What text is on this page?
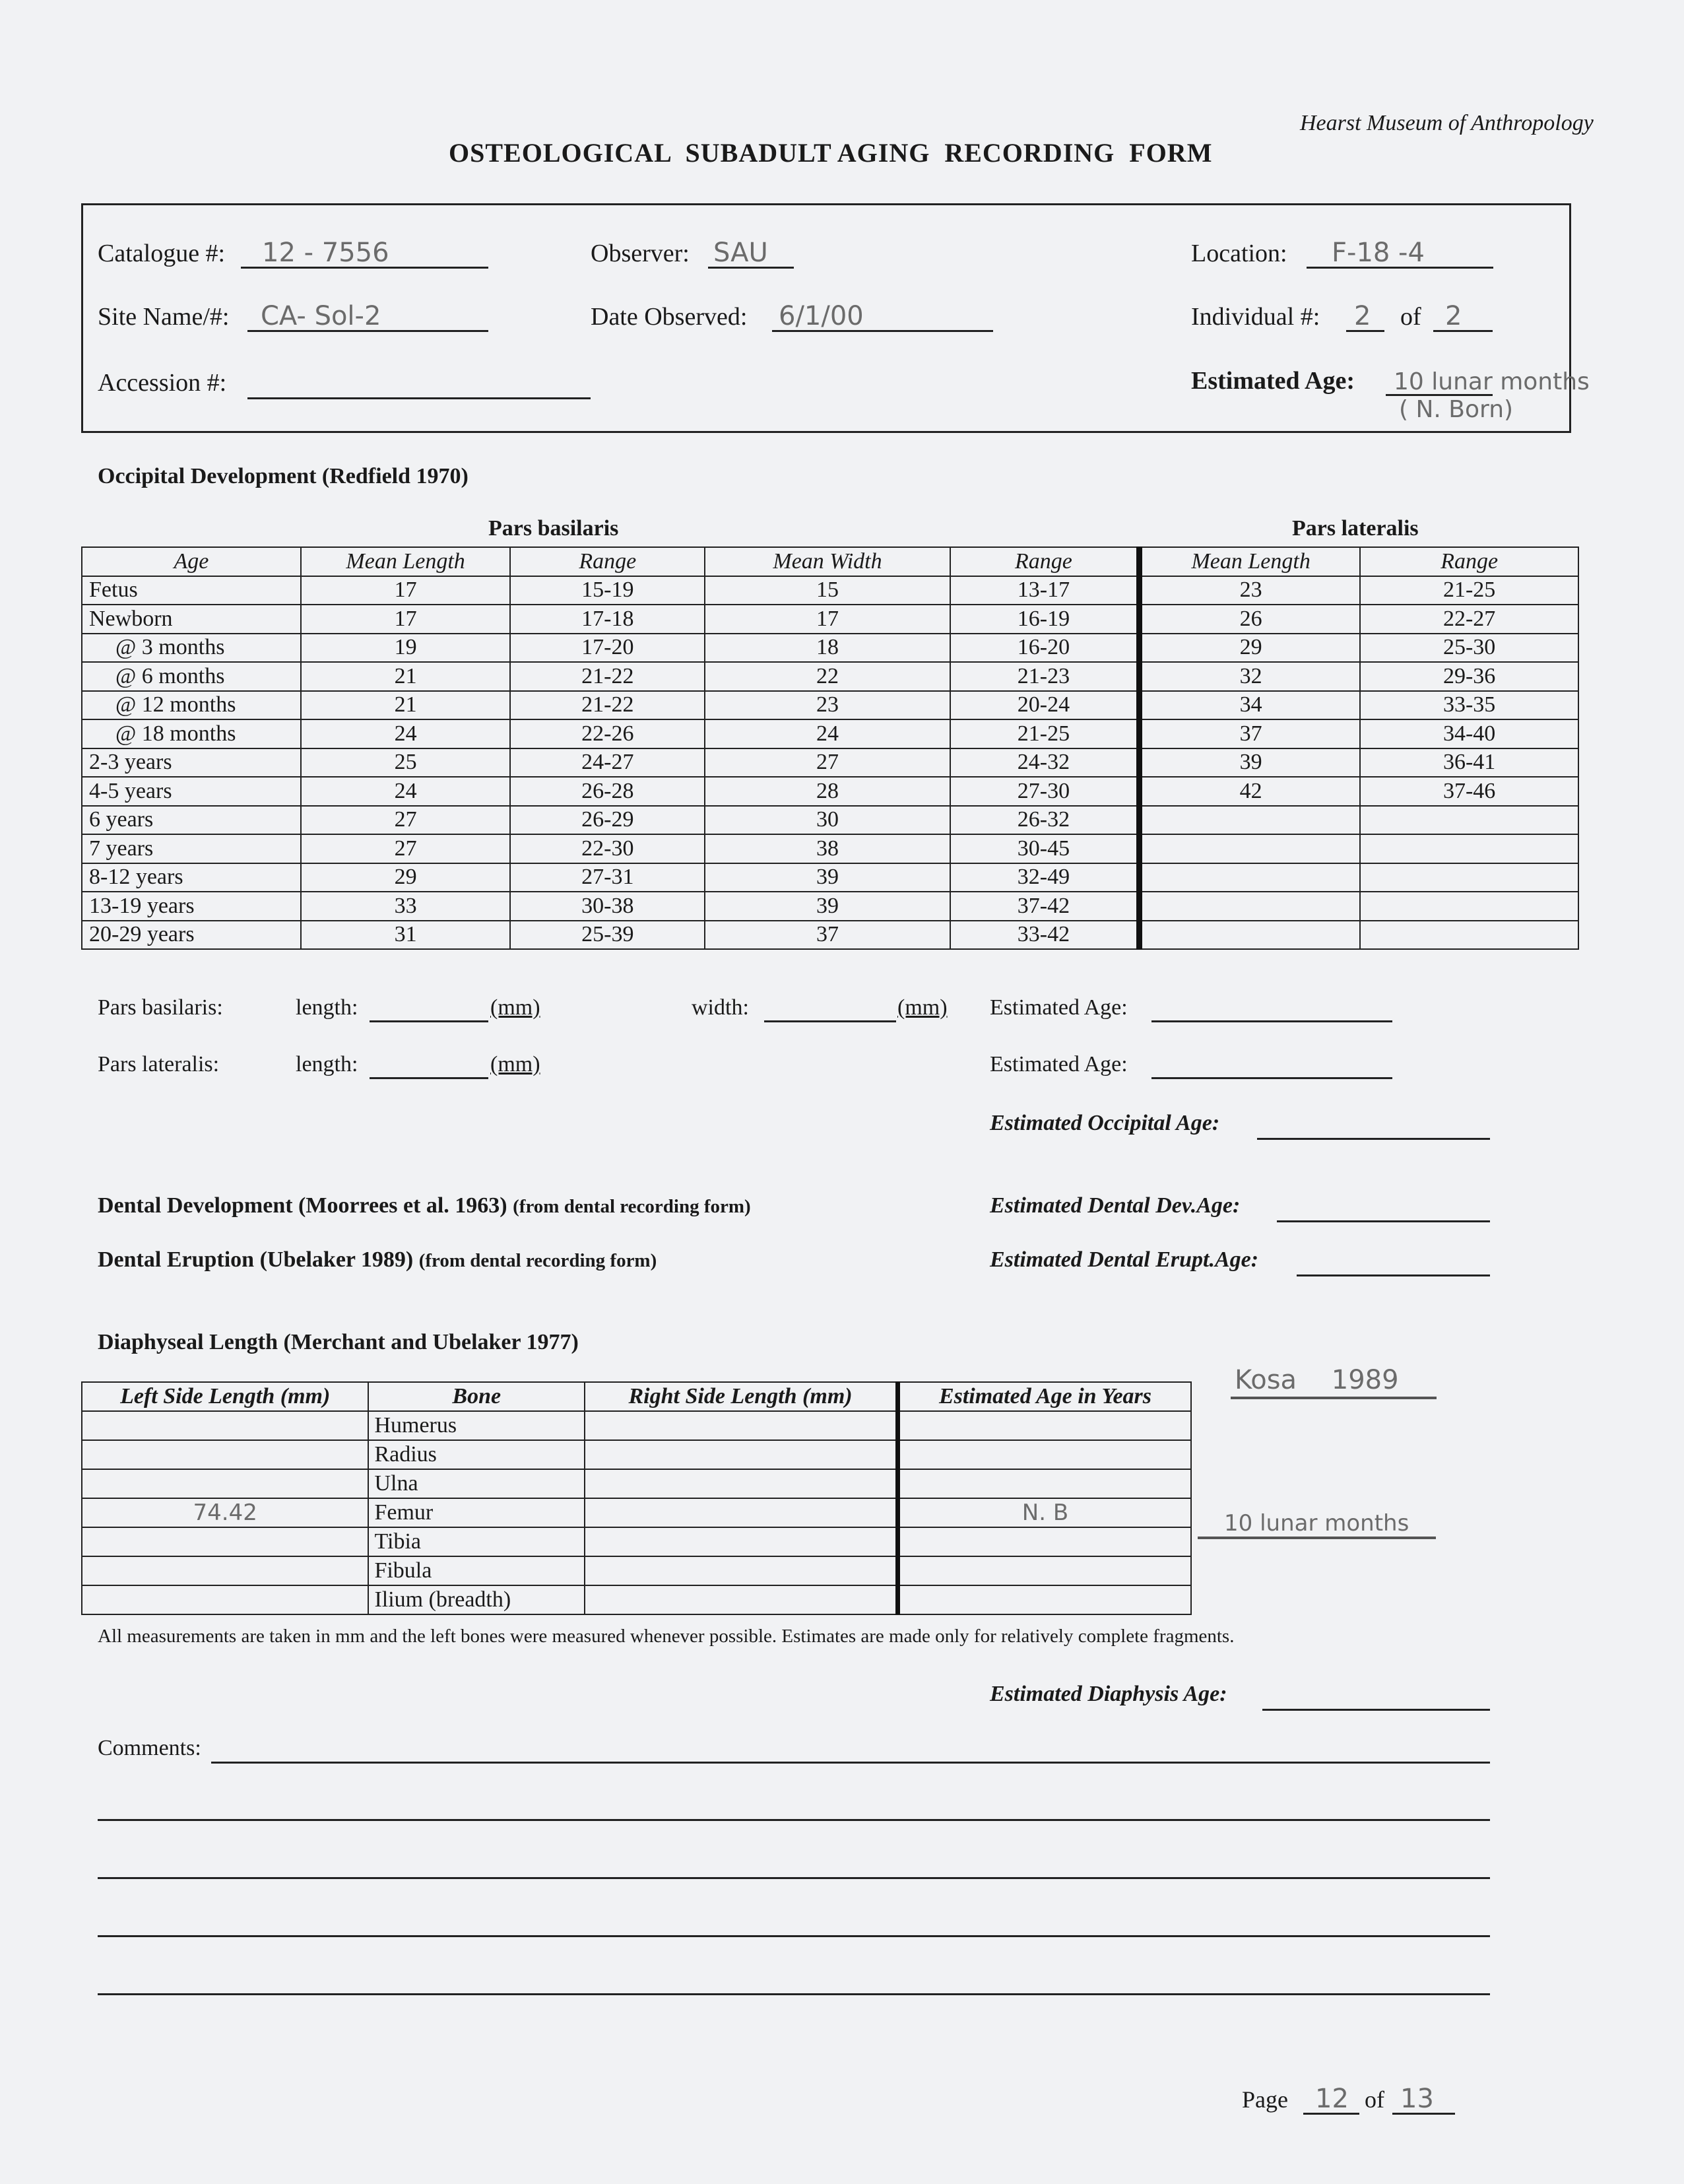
Hearst Museum of Anthropology
OSTEOLOGICAL  SUBADULT AGING  RECORDING  FORM
Catalogue #: 12 - 7556	Observer: SAU	Location: F-18 -4
Site Name/#: CA- Sol-2	Date Observed: 6/1/00	Individual #: 2 of 2
Accession #:	Estimated Age: 10 lunar months
( N. Born)
Occipital Development (Redfield 1970)
Pars basilaris	Pars lateralis
Age	Mean Length	Range	Mean Width	Range	Mean Length	Range
Fetus	17	15-19	15	13-17	23	21-25
Newborn	17	17-18	17	16-19	26	22-27
@ 3 months	19	17-20	18	16-20	29	25-30
@ 6 months	21	21-22	22	21-23	32	29-36
@ 12 months	21	21-22	23	20-24	34	33-35
@ 18 months	24	22-26	24	21-25	37	34-40
2-3 years	25	24-27	27	24-32	39	36-41
4-5 years	24	26-28	28	27-30	42	37-46
6 years	27	26-29	30	26-32		
7 years	27	22-30	38	30-45		
8-12 years	29	27-31	39	32-49		
13-19 years	33	30-38	39	37-42		
20-29 years	31	25-39	37	33-42		
Pars basilaris:	length:	(mm)	width:	(mm) Estimated Age:
Pars lateralis:	length:	(mm)	Estimated Age:
Estimated Occipital Age:
Dental Development (Moorrees et al. 1963) (from dental recording form)	Estimated Dental Dev.Age:
Dental Eruption (Ubelaker 1989) (from dental recording form)	Estimated Dental Erupt.Age:
Diaphyseal Length (Merchant and Ubelaker 1977)
Left Side Length (mm)	Bone	Right Side Length (mm)	Estimated Age in Years
	Humerus		
	Radius		
	Ulna		
74.42	Femur		N. B
	Tibia		
	Fibula		
	Ilium (breadth)		
Kosa 1989
10 lunar months
All measurements are taken in mm and the left bones were measured whenever possible. Estimates are made only for relatively complete fragments.
Estimated Diaphysis Age:
Comments:
Page 12 of 13
